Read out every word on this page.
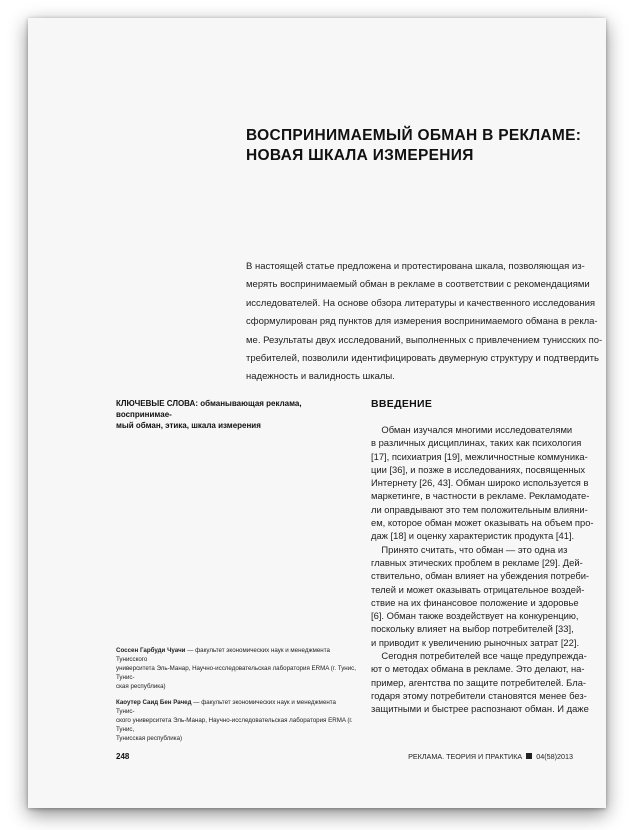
ВОСПРИНИМАЕМЫЙ ОБМАН В РЕКЛАМЕ:
НОВАЯ ШКАЛА ИЗМЕРЕНИЯ
В настоящей статье предложена и протестирована шкала, позволяющая из-
мерять воспринимаемый обман в рекламе в соответствии с рекомендациями
исследователей. На основе обзора литературы и качественного исследования
сформулирован ряд пунктов для измерения воспринимаемого обмана в рекла-
ме. Результаты двух исследований, выполненных с привлечением тунисских по-
требителей, позволили идентифицировать двумерную структуру и подтвердить
надежность и валидность шкалы.
КЛЮЧЕВЫЕ СЛОВА: обманывающая реклама, воспринимае-
мый обман, этика, шкала измерения
Соссен Гарбуди Чуачи — факультет экономических наук и менеджмента Тунисского
университета Эль-Манар, Научно-исследовательская лаборатория ERMA (г. Тунис, Тунис-
ская республика)
Каоутер Саид Бен Рачед — факультет экономических наук и менеджмента Тунис-
ского университета Эль-Манар, Научно-исследовательская лаборатория ERMA (г. Тунис,
Тунисская республика)
ВВЕДЕНИЕ
Обман изучался многими исследователями
в различных дисциплинах, таких как психология
[17], психиатрия [19], межличностные коммуника-
ции [36], и позже в исследованиях, посвященных
Интернету [26, 43]. Обман широко используется в
маркетинге, в частности в рекламе. Рекламодате-
ли оправдывают это тем положительным влияни-
ем, которое обман может оказывать на объем про-
даж [18] и оценку характеристик продукта [41].
Принято считать, что обман — это одна из
главных этических проблем в рекламе [29]. Дей-
ствительно, обман влияет на убеждения потреби-
телей и может оказывать отрицательное воздей-
ствие на их финансовое положение и здоровье
[6]. Обман также воздействует на конкуренцию,
поскольку влияет на выбор потребителей [33],
и приводит к увеличению рыночных затрат [22].
Сегодня потребителей все чаще предупрежда-
ют о методах обмана в рекламе. Это делают, на-
пример, агентства по защите потребителей. Бла-
годаря этому потребители становятся менее без-
защитными и быстрее распознают обман. И даже
248	РЕКЛАМА. ТЕОРИЯ И ПРАКТИКА 04(58)2013
